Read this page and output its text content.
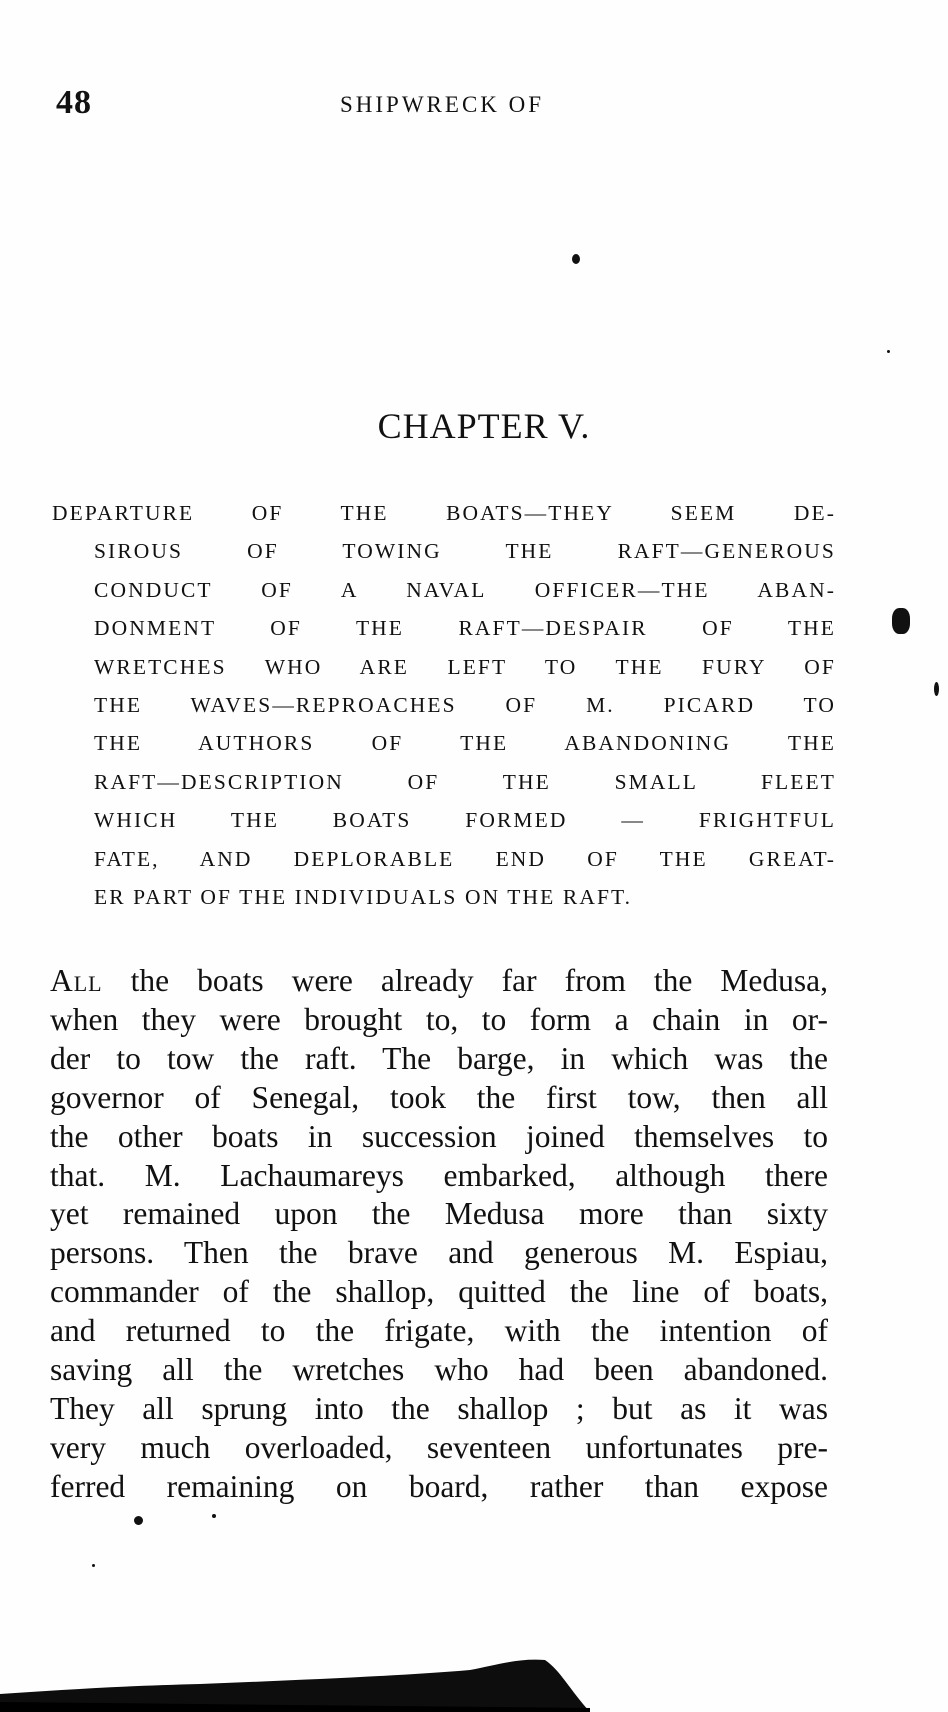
48	SHIPWRECK OF
CHAPTER V.
DEPARTURE OF THE BOATS—THEY SEEM DE-
SIROUS OF TOWING THE RAFT—GENEROUS
CONDUCT OF A NAVAL OFFICER—THE ABAN-
DONMENT OF THE RAFT—DESPAIR OF THE
WRETCHES WHO ARE LEFT TO THE FURY OF
THE WAVES—REPROACHES OF M. PICARD TO
THE AUTHORS OF THE ABANDONING THE
RAFT—DESCRIPTION OF THE SMALL FLEET
WHICH THE BOATS FORMED — FRIGHTFUL
FATE, AND DEPLORABLE END OF THE GREAT-
ER PART OF THE INDIVIDUALS ON THE RAFT.
All the boats were already far from the Medusa,
when they were brought to, to form a chain in or-
der to tow the raft. The barge, in which was the
governor of Senegal, took the first tow, then all
the other boats in succession joined themselves to
that. M. Lachaumareys embarked, although there
yet remained upon the Medusa more than sixty
persons. Then the brave and generous M. Espiau,
commander of the shallop, quitted the line of boats,
and returned to the frigate, with the intention of
saving all the wretches who had been abandoned.
They all sprung into the shallop ; but as it was
very much overloaded, seventeen unfortunates pre-
ferred remaining on board, rather than expose
